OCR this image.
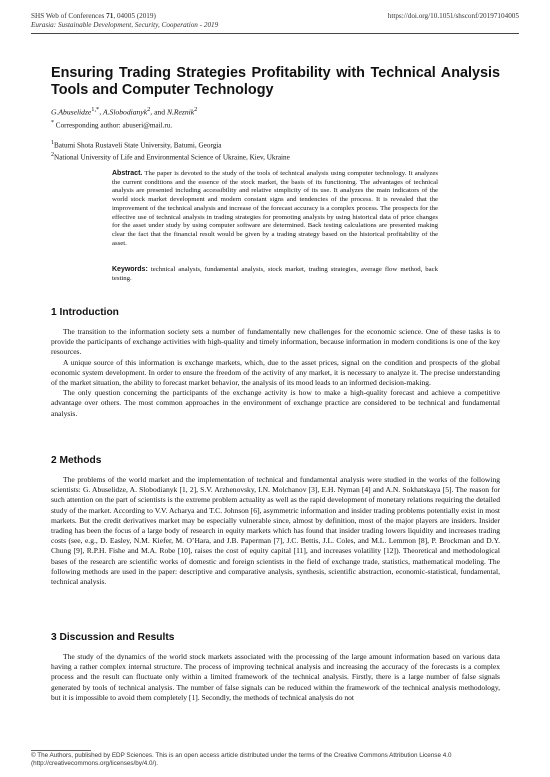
SHS Web of Conferences 71, 04005 (2019)	https://doi.org/10.1051/shsconf/20197104005
Eurasia: Sustainable Development, Security, Cooperation - 2019
Ensuring Trading Strategies Profitability with Technical Analysis Tools and Computer Technology
G.Abuselidze$^{1,*}$, A.Slobodianyk$^2$, and N.Reznik$^2$
* Corresponding author: abuseri@mail.ru.
$^1$Batumi Shota Rustaveli State University, Batumi, Georgia
$^2$National University of Life and Environmental Science of Ukraine, Kiev, Ukraine
Abstract. The paper is devoted to the study of the tools of technical analysis using computer technology. It analyzes the current conditions and the essence of the stock market, the basis of its functioning. The advantages of technical analysis are presented including accessibility and relative simplicity of its use. It analyzes the main indicators of the world stock market development and modern constant signs and tendencies of the process. It is revealed that the improvement of the technical analysis and increase of the forecast accuracy is a complex process. The prospects for the effective use of technical analysis in trading strategies for promoting analysis by using historical data of price changes for the asset under study by using computer software are determined. Back testing calculations are presented making clear the fact that the financial result would be given by a trading strategy based on the historical profitability of the asset.
Keywords: technical analysis, fundamental analysis, stock market, trading strategies, average flow method, back testing.
1 Introduction

The transition to the information society sets a number of fundamentally new challenges for the economic science. One of these tasks is to provide the participants of exchange activities with high-quality and timely information, because information in modern conditions is one of the key resources.

A unique source of this information is exchange markets, which, due to the asset prices, signal on the condition and prospects of the global economic system development. In order to ensure the freedom of the activity of any market, it is necessary to analyze it. The precise understanding of the market situation, the ability to forecast market behavior, the analysis of its mood leads to an informed decision-making.

The only question concerning the participants of the exchange activity is how to make a high-quality forecast and achieve a competitive advantage over others. The most common approaches in the environment of exchange practice are considered to be technical and fundamental analysis.

2 Methods

The problems of the world market and the implementation of technical and fundamental analysis were studied in the works of the following scientists: G. Abuselidze, A. Slobodianyk [1, 2], S.V. Arzhenovsky, I.N. Molchanov [3], E.H. Nyman [4] and A.N. Sokhatskaya [5]. The reason for such attention on the part of scientists is the extreme problem actuality as well as the rapid development of monetary relations requiring the detailed study of the market. According to V.V. Acharya and T.C. Johnson [6], asymmetric information and insider trading problems potentially exist in most markets. But the credit derivatives market may be especially vulnerable since, almost by definition, most of the major players are insiders. Insider trading has been the focus of a large body of research in equity markets which has found that insider trading lowers liquidity and increases trading costs (see, e.g., D. Easley, N.M. Kiefer, M. O’Hara, and J.B. Paperman [7], J.C. Bettis, J.L. Coles, and M.L. Lemmon [8], P. Brockman and D.Y. Chung [9], R.P.H. Fishe and M.A. Robe [10], raises the cost of equity capital [11], and increases volatility [12]). Theoretical and methodological bases of the research are scientific works of domestic and foreign scientists in the field of exchange trade, statistics, mathematical modeling. The following methods are used in the paper: descriptive and comparative analysis, synthesis, scientific abstraction, economic-statistical, fundamental, technical analysis.

3 Discussion and Results

The study of the dynamics of the world stock markets associated with the processing of the large amount information based on various data having a rather complex internal structure. The process of improving technical analysis and increasing the accuracy of the forecasts is a complex process and the result can fluctuate only within a limited framework of the technical analysis. Firstly, there is a large number of false signals generated by tools of technical analysis. The number of false signals can be reduced within the framework of the technical analysis methodology, but it is impossible to avoid them completely [1]. Secondly, the methods of technical analysis do not

© The Authors, published by EDP Sciences. This is an open access article distributed under the terms of the Creative Commons Attribution License 4.0 (http://creativecommons.org/licenses/by/4.0/).
